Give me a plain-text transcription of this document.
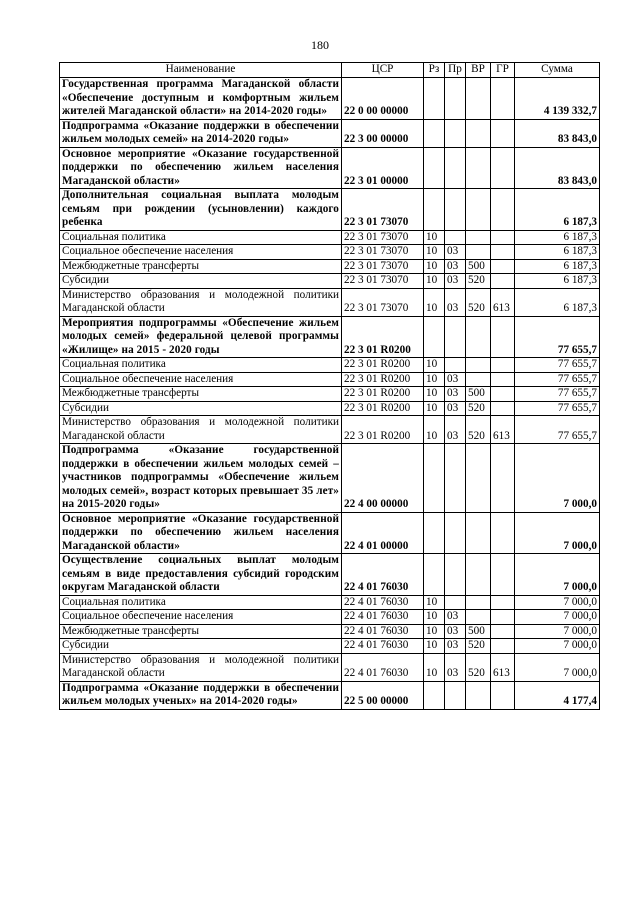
180
Наименование	ЦСР	Рз	Пр	ВР	ГР	Сумма
Государственная программа Магаданской области «Обеспечение доступным и комфортным жильем жителей Магаданской области» на 2014-2020 годы»	22 0 00 00000					4 139 332,7
Подпрограмма «Оказание поддержки в обеспечении жильем молодых семей» на 2014-2020 годы»	22 3 00 00000					83 843,0
Основное мероприятие «Оказание государственной поддержки по обеспечению жильем населения Магаданской области»	22 3 01 00000					83 843,0
Дополнительная социальная выплата молодым семьям при рождении (усыновлении) каждого ребенка	22 3 01 73070					6 187,3
Социальная политика	22 3 01 73070	10				6 187,3
Социальное обеспечение населения	22 3 01 73070	10	03			6 187,3
Межбюджетные трансферты	22 3 01 73070	10	03	500		6 187,3
Субсидии	22 3 01 73070	10	03	520		6 187,3
Министерство образования и молодежной политики Магаданской области	22 3 01 73070	10	03	520	613	6 187,3
Мероприятия подпрограммы «Обеспечение жильем молодых семей» федеральной целевой программы «Жилище» на 2015 - 2020 годы	22 3 01 R0200					77 655,7
Социальная политика	22 3 01 R0200	10				77 655,7
Социальное обеспечение населения	22 3 01 R0200	10	03			77 655,7
Межбюджетные трансферты	22 3 01 R0200	10	03	500		77 655,7
Субсидии	22 3 01 R0200	10	03	520		77 655,7
Министерство образования и молодежной политики Магаданской области	22 3 01 R0200	10	03	520	613	77 655,7
Подпрограмма «Оказание государственной поддержки в обеспечении жильем молодых семей – участников подпрограммы «Обеспечение жильем молодых семей», возраст которых превышает 35 лет» на 2015-2020 годы»	22 4 00 00000					7 000,0
Основное мероприятие «Оказание государственной поддержки по обеспечению жильем населения Магаданской области»	22 4 01 00000					7 000,0
Осуществление социальных выплат молодым семьям в виде предоставления субсидий городским округам Магаданской области	22 4 01 76030					7 000,0
Социальная политика	22 4 01 76030	10				7 000,0
Социальное обеспечение населения	22 4 01 76030	10	03			7 000,0
Межбюджетные трансферты	22 4 01 76030	10	03	500		7 000,0
Субсидии	22 4 01 76030	10	03	520		7 000,0
Министерство образования и молодежной политики Магаданской области	22 4 01 76030	10	03	520	613	7 000,0
Подпрограмма «Оказание поддержки в обеспечении жильем молодых ученых» на 2014-2020 годы»	22 5 00 00000					4 177,4
